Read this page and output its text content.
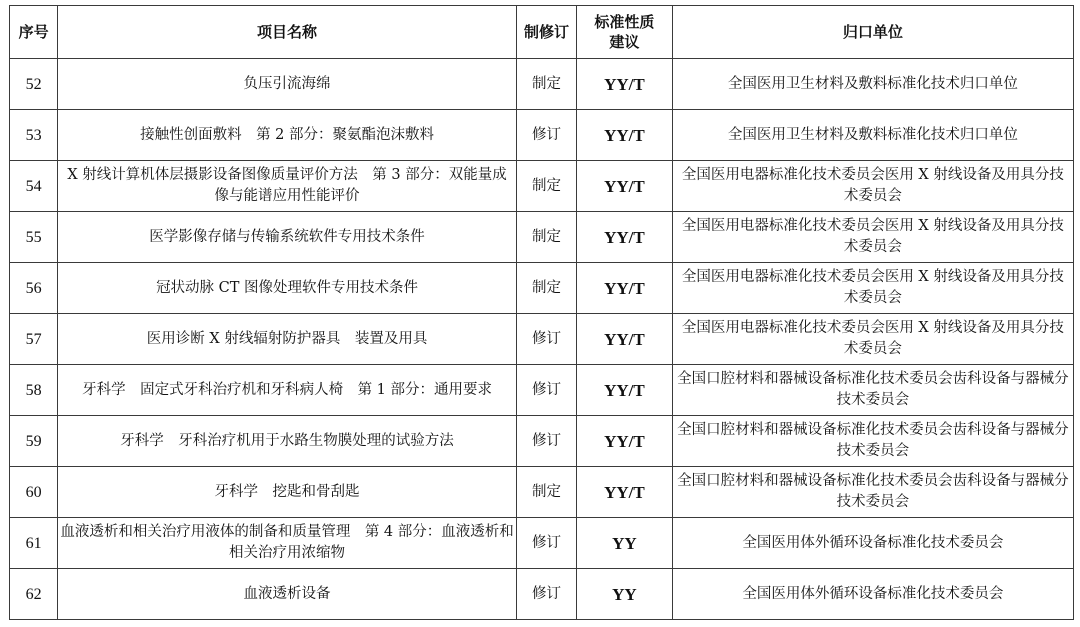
序号	项目名称	制修订	标准性质建议	归口单位
52	负压引流海绵	制定	YY/T	全国医用卫生材料及敷料标准化技术归口单位
53	接触性创面敷料　第 2 部分：聚氨酯泡沫敷料	修订	YY/T	全国医用卫生材料及敷料标准化技术归口单位
54	X 射线计算机体层摄影设备图像质量评价方法　第 3 部分：双能量成像与能谱应用性能评价	制定	YY/T	全国医用电器标准化技术委员会医用 X 射线设备及用具分技术委员会
55	医学影像存储与传输系统软件专用技术条件	制定	YY/T	全国医用电器标准化技术委员会医用 X 射线设备及用具分技术委员会
56	冠状动脉 CT 图像处理软件专用技术条件	制定	YY/T	全国医用电器标准化技术委员会医用 X 射线设备及用具分技术委员会
57	医用诊断 X 射线辐射防护器具　装置及用具	修订	YY/T	全国医用电器标准化技术委员会医用 X 射线设备及用具分技术委员会
58	牙科学　固定式牙科治疗机和牙科病人椅　第 1 部分：通用要求	修订	YY/T	全国口腔材料和器械设备标准化技术委员会齿科设备与器械分技术委员会
59	牙科学　牙科治疗机用于水路生物膜处理的试验方法	修订	YY/T	全国口腔材料和器械设备标准化技术委员会齿科设备与器械分技术委员会
60	牙科学　挖匙和骨刮匙	制定	YY/T	全国口腔材料和器械设备标准化技术委员会齿科设备与器械分技术委员会
61	血液透析和相关治疗用液体的制备和质量管理　第 4 部分：血液透析和相关治疗用浓缩物	修订	YY	全国医用体外循环设备标准化技术委员会
62	血液透析设备	修订	YY	全国医用体外循环设备标准化技术委员会
